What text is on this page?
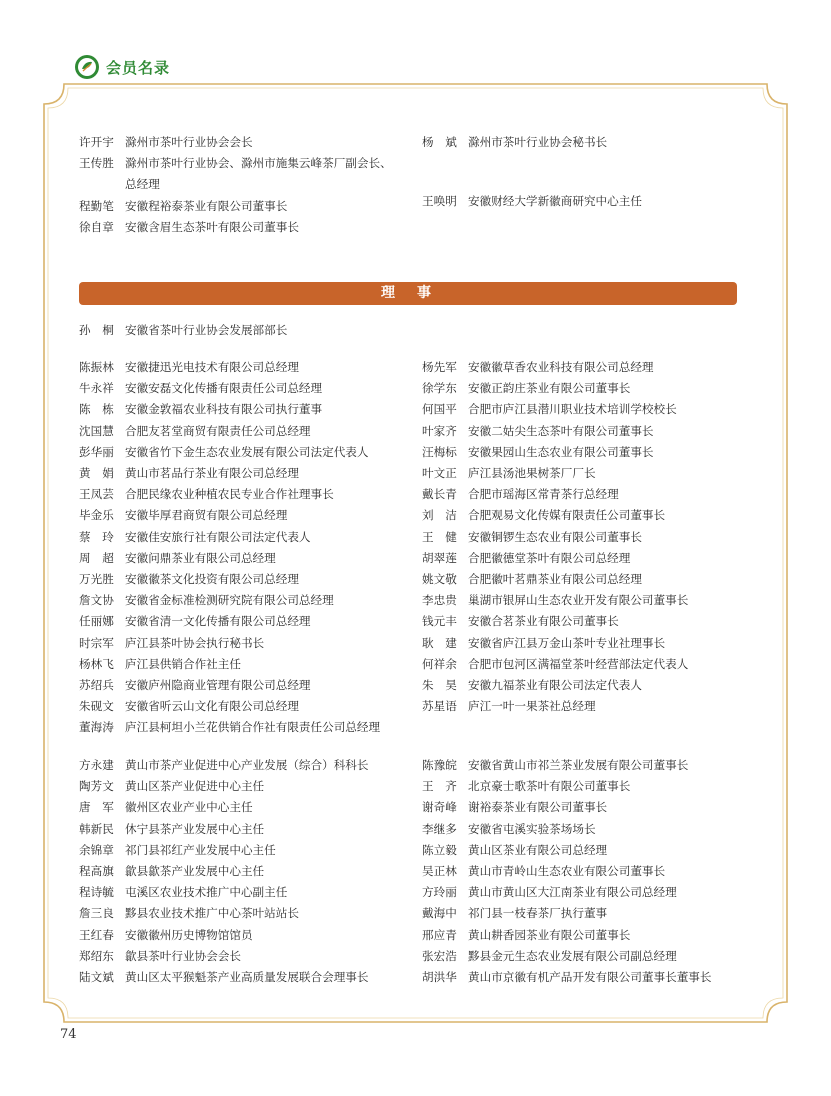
会员名录
许开宇 滁州市茶叶行业协会会长
王传胜 滁州市茶叶行业协会、滁州市施集云峰茶厂副会长、总经理
程勤笔 安徽程裕泰茶业有限公司董事长
徐自章 安徽含眉生态茶叶有限公司董事长
杨　斌 滁州市茶叶行业协会秘书长
王唤明 安徽财经大学新徽商研究中心主任
理　事
孙　桐 安徽省茶叶行业协会发展部部长
陈振林 安徽捷迅光电技术有限公司总经理
牛永祥 安徽安磊文化传播有限责任公司总经理
陈　栋 安徽金敦福农业科技有限公司执行董事
沈国慧 合肥友茗堂商贸有限责任公司总经理
彭华丽 安徽省竹下金生态农业发展有限公司法定代表人
黄　娟 黄山市茗品行茶业有限公司总经理
王凤芸 合肥民缘农业种植农民专业合作社理事长
毕金乐 安徽毕厚君商贸有限公司总经理
蔡　玲 安徽佳安旅行社有限公司法定代表人
周　超 安徽问鼎茶业有限公司总经理
万光胜 安徽徽茶文化投资有限公司总经理
詹文协 安徽省金标准检测研究院有限公司总经理
任丽娜 安徽省清一文化传播有限公司总经理
时宗军 庐江县茶叶协会执行秘书长
杨林飞 庐江县供销合作社主任
苏绍兵 安徽庐州隐商业管理有限公司总经理
朱砚文 安徽省听云山文化有限公司总经理
董海涛 庐江县柯坦小兰花供销合作社有限责任公司总经理
杨先军 安徽徽草香农业科技有限公司总经理
徐学东 安徽正韵庄茶业有限公司董事长
何国平 合肥市庐江县潜川职业技术培训学校校长
叶家齐 安徽二姑尖生态茶叶有限公司董事长
汪梅标 安徽果园山生态农业有限公司董事长
叶文正 庐江县汤池果树茶厂厂长
戴长青 合肥市瑶海区常青茶行总经理
刘　洁 合肥观易文化传媒有限责任公司董事长
王　健 安徽铜锣生态农业有限公司董事长
胡翠莲 合肥徽德堂茶叶有限公司总经理
姚文敬 合肥徽叶茗鼎茶业有限公司总经理
李忠贵 巢湖市银屏山生态农业开发有限公司董事长
钱元丰 安徽合茗茶业有限公司董事长
耿　建 安徽省庐江县万金山茶叶专业社理事长
何祥余 合肥市包河区满福堂茶叶经营部法定代表人
朱　昊 安徽九福茶业有限公司法定代表人
苏星语 庐江一叶一果茶社总经理
方永建 黄山市茶产业促进中心产业发展（综合）科科长
陶芳文 黄山区茶产业促进中心主任
唐　军 徽州区农业产业中心主任
韩新民 休宁县茶产业发展中心主任
余锦章 祁门县祁红产业发展中心主任
程高旗 歙县歙茶产业发展中心主任
程诗毓 屯溪区农业技术推广中心副主任
詹三良 黟县农业技术推广中心茶叶站站长
王红春 安徽徽州历史博物馆馆员
郑绍东 歙县茶叶行业协会会长
陆文斌 黄山区太平猴魁茶产业高质量发展联合会理事长
陈豫皖 安徽省黄山市祁兰茶业发展有限公司董事长
王　齐 北京豪士歌茶叶有限公司董事长
谢奇峰 谢裕泰茶业有限公司董事长
李继多 安徽省屯溪实验茶场场长
陈立毅 黄山区茶业有限公司总经理
吴正林 黄山市青岭山生态农业有限公司董事长
方玲丽 黄山市黄山区大江南茶业有限公司总经理
戴海中 祁门县一枝春茶厂执行董事
邢应青 黄山耕香园茶业有限公司董事长
张宏浩 黟县金元生态农业发展有限公司副总经理
胡洪华 黄山市京徽有机产品开发有限公司董事长董事长
74
